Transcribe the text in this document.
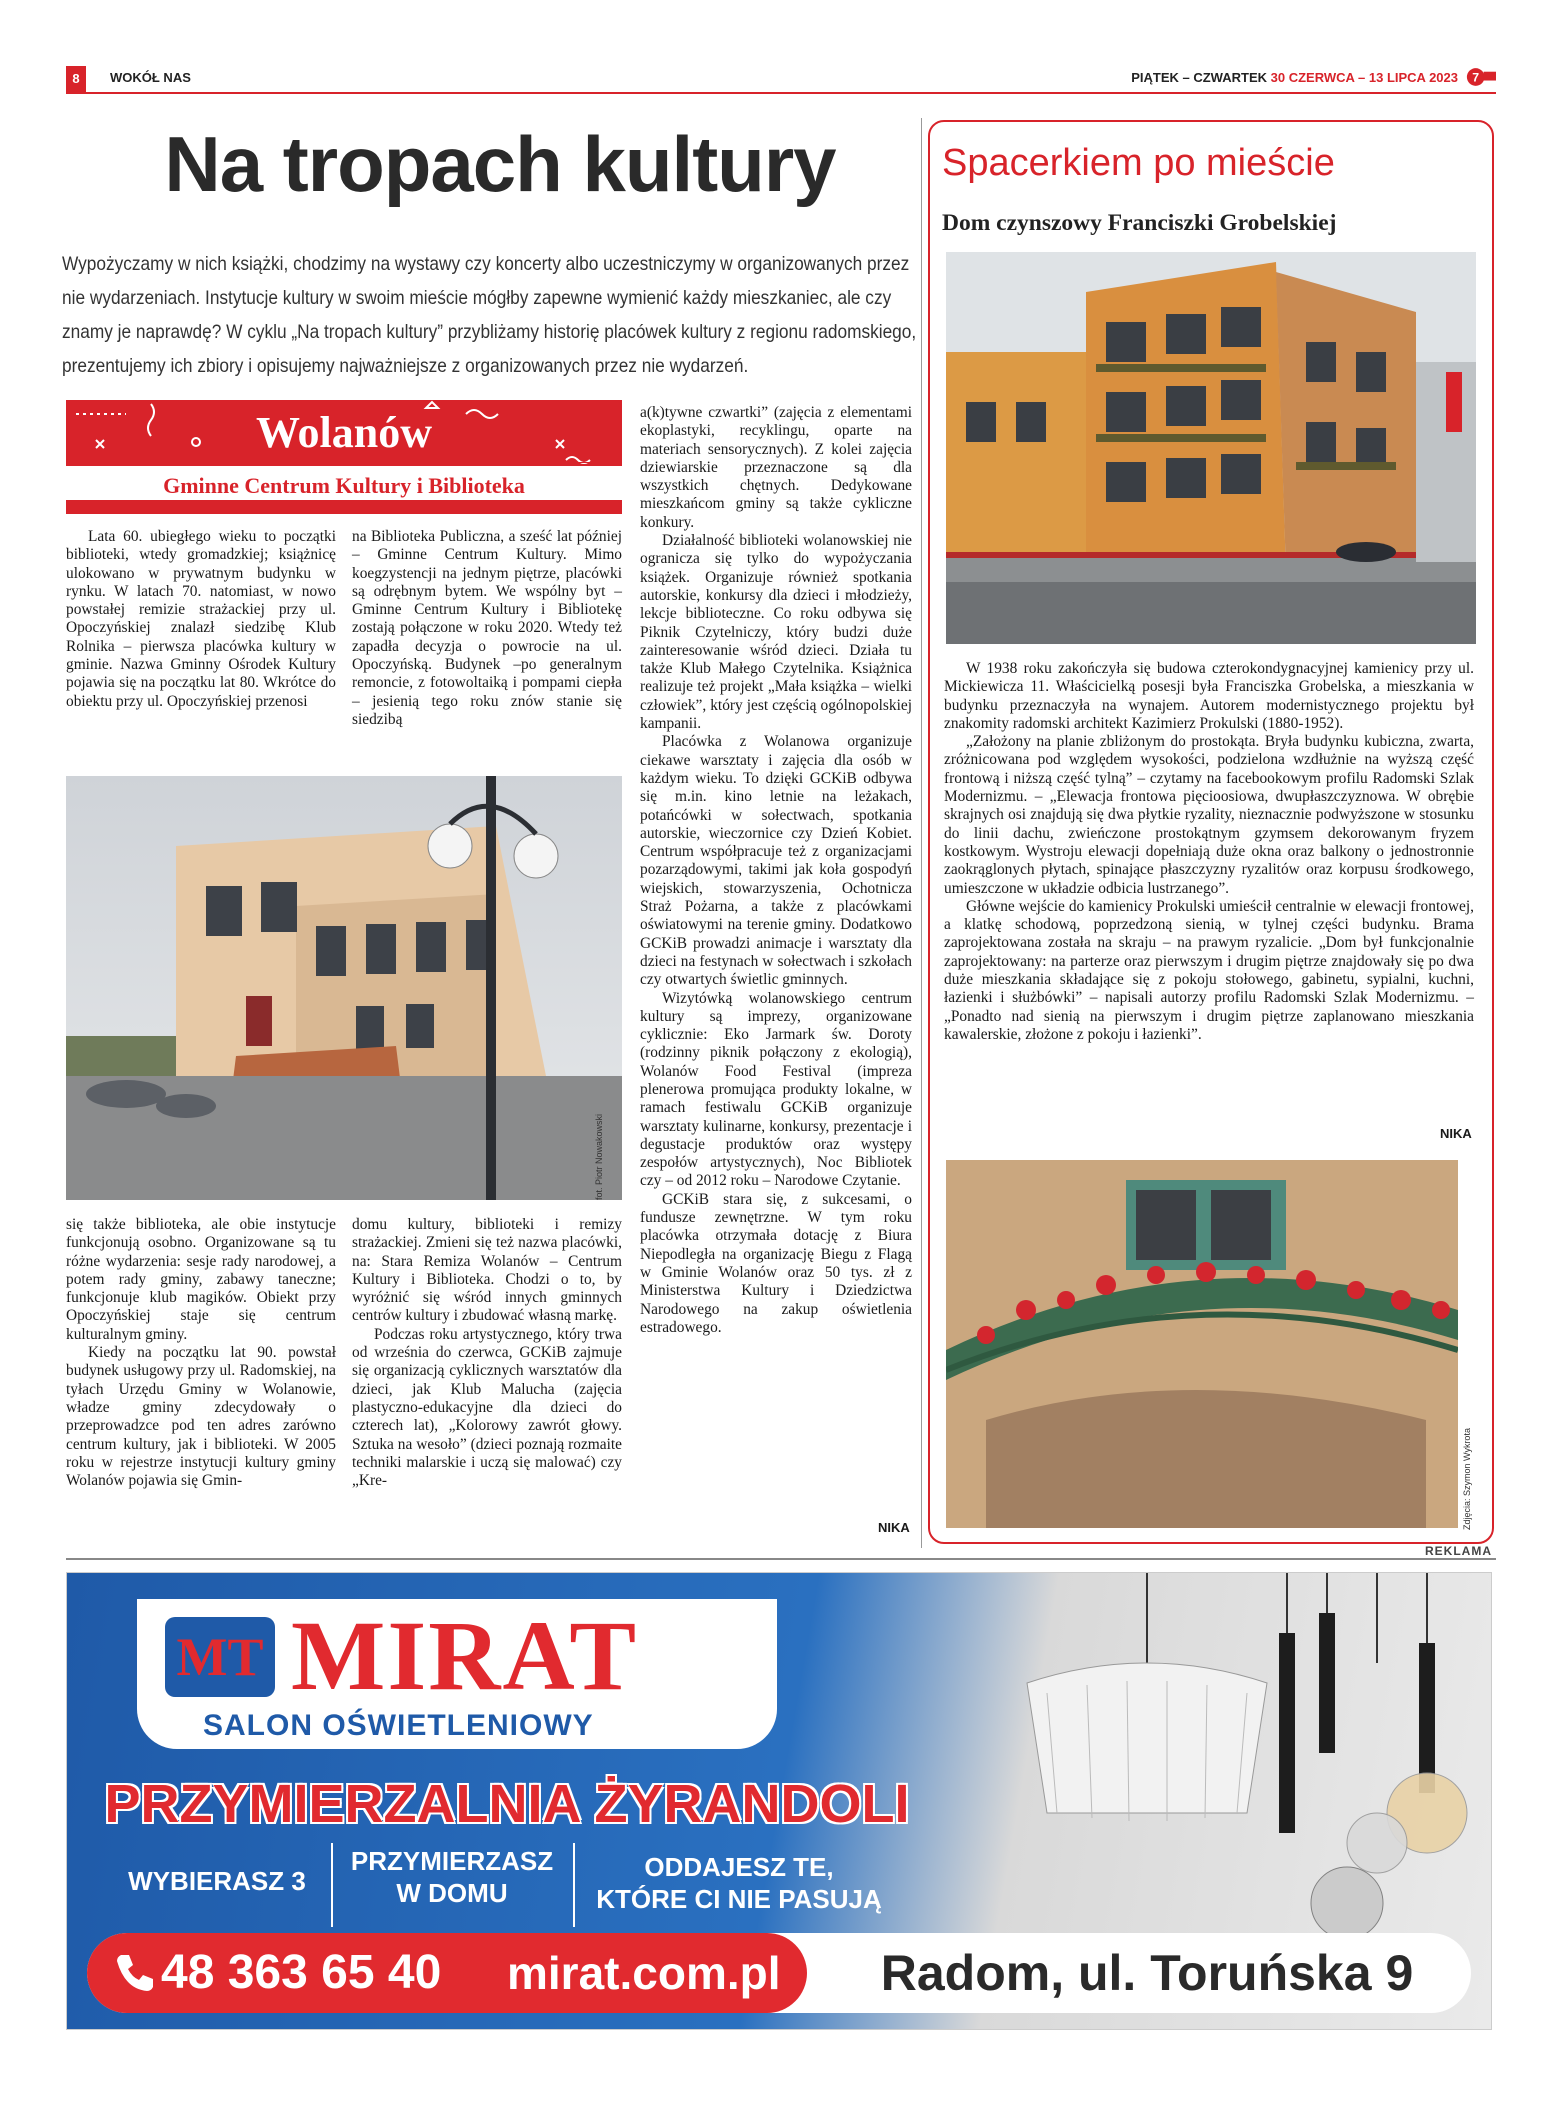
8	WOKÓŁ NAS	PIĄTEK – CZWARTEK 30 CZERWCA – 13 LIPCA 2023 7
Na tropach kultury
Wypożyczamy w nich książki, chodzimy na wystawy czy koncerty albo uczestniczymy w organizowanych przez nie wydarzeniach. Instytucje kultury w swoim mieście mógłby zapewne wymienić każdy mieszkaniec, ale czy znamy je naprawdę? W cyklu „Na tropach kultury” przybliżamy historię placówek kultury z regionu radomskiego, prezentujemy ich zbiory i opisujemy najważniejsze z organizowanych przez nie wydarzeń.
Wolanów
Gminne Centrum Kultury i Biblioteka

Lata 60. ubiegłego wieku to początki biblioteki, wtedy gromadzkiej; książnicę ulokowano w prywatnym budynku w rynku. W latach 70. natomiast, w nowo powstałej remizie strażackiej przy ul. Opoczyńskiej znalazł siedzibę Klub Rolnika – pierwsza placówka kultury w gminie. Nazwa Gminny Ośrodek Kultury pojawia się na początku lat 80. Wkrótce do obiektu przy ul. Opoczyńskiej przenosi

na Biblioteka Publiczna, a sześć lat później – Gminne Centrum Kultury. Mimo koegzystencji na jednym piętrze, placówki są odrębnym bytem. We wspólny byt – Gminne Centrum Kultury i Bibliotekę zostają połączone w roku 2020. Wtedy też zapadła decyzja o powrocie na ul. Opoczyńską. Budynek –po generalnym remoncie, z fotowoltaiką i pompami ciepła – jesienią tego roku znów stanie się siedzibą

fot. Piotr Nowakowski

się także biblioteka, ale obie instytucje funkcjonują osobno. Organizowane są tu różne wydarzenia: sesje rady narodowej, a potem rady gminy, zabawy taneczne; funkcjonuje klub magików. Obiekt przy Opoczyńskiej staje się centrum kulturalnym gminy.

Kiedy na początku lat 90. powstał budynek usługowy przy ul. Radomskiej, na tyłach Urzędu Gminy w Wolanowie, władze gminy zdecydowały o przeprowadzce pod ten adres zarówno centrum kultury, jak i biblioteki. W 2005 roku w rejestrze instytucji kultury gminy Wolanów pojawia się Gmin-

domu kultury, biblioteki i remizy strażackiej. Zmieni się też nazwa placówki, na: Stara Remiza Wolanów – Centrum Kultury i Biblioteka. Chodzi o to, by wyróżnić się wśród innych gminnych centrów kultury i zbudować własną markę.

Podczas roku artystycznego, który trwa od września do czerwca, GCKiB zajmuje się organizacją cyklicznych warsztatów dla dzieci, jak Klub Malucha (zajęcia plastyczno-edukacyjne dla dzieci do czterech lat), „Kolorowy zawrót głowy. Sztuka na wesoło” (dzieci poznają rozmaite techniki malarskie i uczą się malować) czy „Kre-

a(k)tywne czwartki” (zajęcia z elementami ekoplastyki, recyklingu, oparte na materiach sensorycznych). Z kolei zajęcia dziewiarskie przeznaczone są dla wszystkich chętnych. Dedykowane mieszkańcom gminy są także cykliczne konkury.

Działalność biblioteki wolanowskiej nie ogranicza się tylko do wypożyczania książek. Organizuje również spotkania autorskie, konkursy dla dzieci i młodzieży, lekcje biblioteczne. Co roku odbywa się Piknik Czytelniczy, który budzi duże zainteresowanie wśród dzieci. Działa tu także Klub Małego Czytelnika. Książnica realizuje też projekt „Mała książka – wielki człowiek”, który jest częścią ogólnopolskiej kampanii.

Placówka z Wolanowa organizuje ciekawe warsztaty i zajęcia dla osób w każdym wieku. To dzięki GCKiB odbywa się m.in. kino letnie na leżakach, potańcówki w sołectwach, spotkania autorskie, wieczornice czy Dzień Kobiet. Centrum współpracuje też z organizacjami pozarządowymi, takimi jak koła gospodyń wiejskich, stowarzyszenia, Ochotnicza Straż Pożarna, a także z placówkami oświatowymi na terenie gminy. Dodatkowo GCKiB prowadzi animacje i warsztaty dla dzieci na festynach w sołectwach i szkołach czy otwartych świetlic gminnych.

Wizytówką wolanowskiego centrum kultury są imprezy, organizowane cyklicznie: Eko Jarmark św. Doroty (rodzinny piknik połączony z ekologią), Wolanów Food Festival (impreza plenerowa promująca produkty lokalne, w ramach festiwalu GCKiB organizuje warsztaty kulinarne, konkursy, prezentacje i degustacje produktów oraz występy zespołów artystycznych), Noc Bibliotek czy – od 2012 roku – Narodowe Czytanie.

GCKiB stara się, z sukcesami, o fundusze zewnętrzne. W tym roku placówka otrzymała dotację z Biura Niepodległa na organizację Biegu z Flagą w Gminie Wolanów oraz 50 tys. zł z Ministerstwa Kultury i Dziedzictwa Narodowego na zakup oświetlenia estradowego.

NIKA
Spacerkiem po mieście
Dom czynszowy Franciszki Grobelskiej

W 1938 roku zakończyła się budowa czterokondygnacyjnej kamienicy przy ul. Mickiewicza 11. Właścicielką posesji była Franciszka Grobelska, a mieszkania w budynku przeznaczyła na wynajem. Autorem modernistycznego projektu był znakomity radomski architekt Kazimierz Prokulski (1880-1952).

„Założony na planie zbliżonym do prostokąta. Bryła budynku kubiczna, zwarta, zróżnicowana pod względem wysokości, podzielona wzdłużnie na wyższą część frontową i niższą część tylną” – czytamy na facebookowym profilu Radomski Szlak Modernizmu. – „Elewacja frontowa pięcioosiowa, dwupłaszczyznowa. W obrębie skrajnych osi znajdują się dwa płytkie ryzality, nieznacznie podwyższone w stosunku do linii dachu, zwieńczone prostokątnym gzymsem dekorowanym fryzem kostkowym. Wystroju elewacji dopełniają duże okna oraz balkony o jednostronnie zaokrąglonych płytach, spinające płaszczyzny ryzalitów oraz korpusu środkowego, umieszczone w układzie odbicia lustrzanego”.

Główne wejście do kamienicy Prokulski umieścił centralnie w elewacji frontowej, a klatkę schodową, poprzedzoną sienią, w tylnej części budynku. Brama zaprojektowana została na skraju – na prawym ryzalicie. „Dom był funkcjonalnie zaprojektowany: na parterze oraz pierwszym i drugim piętrze znajdowały się po dwa duże mieszkania składające się z pokoju stołowego, gabinetu, sypialni, kuchni, łazienki i służbówki” – napisali autorzy profilu Radomski Szlak Modernizmu. – „Ponadto nad sienią na pierwszym i drugim piętrze zaplanowano mieszkania kawalerskie, złożone z pokoju i łazienki”.

NIKA
Zdjęcia: Szymon Wykrota
REKLAMA
MT MIRAT
SALON OŚWIETLENIOWY
PRZYMIERZALNIA ŻYRANDOLI
WYBIERASZ 3
PRZYMIERZASZ
W DOMU
ODDAJESZ TE,
KTÓRE CI NIE PASUJĄ
48 363 65 40 mirat.com.pl	Radom, ul. Toruńska 9
